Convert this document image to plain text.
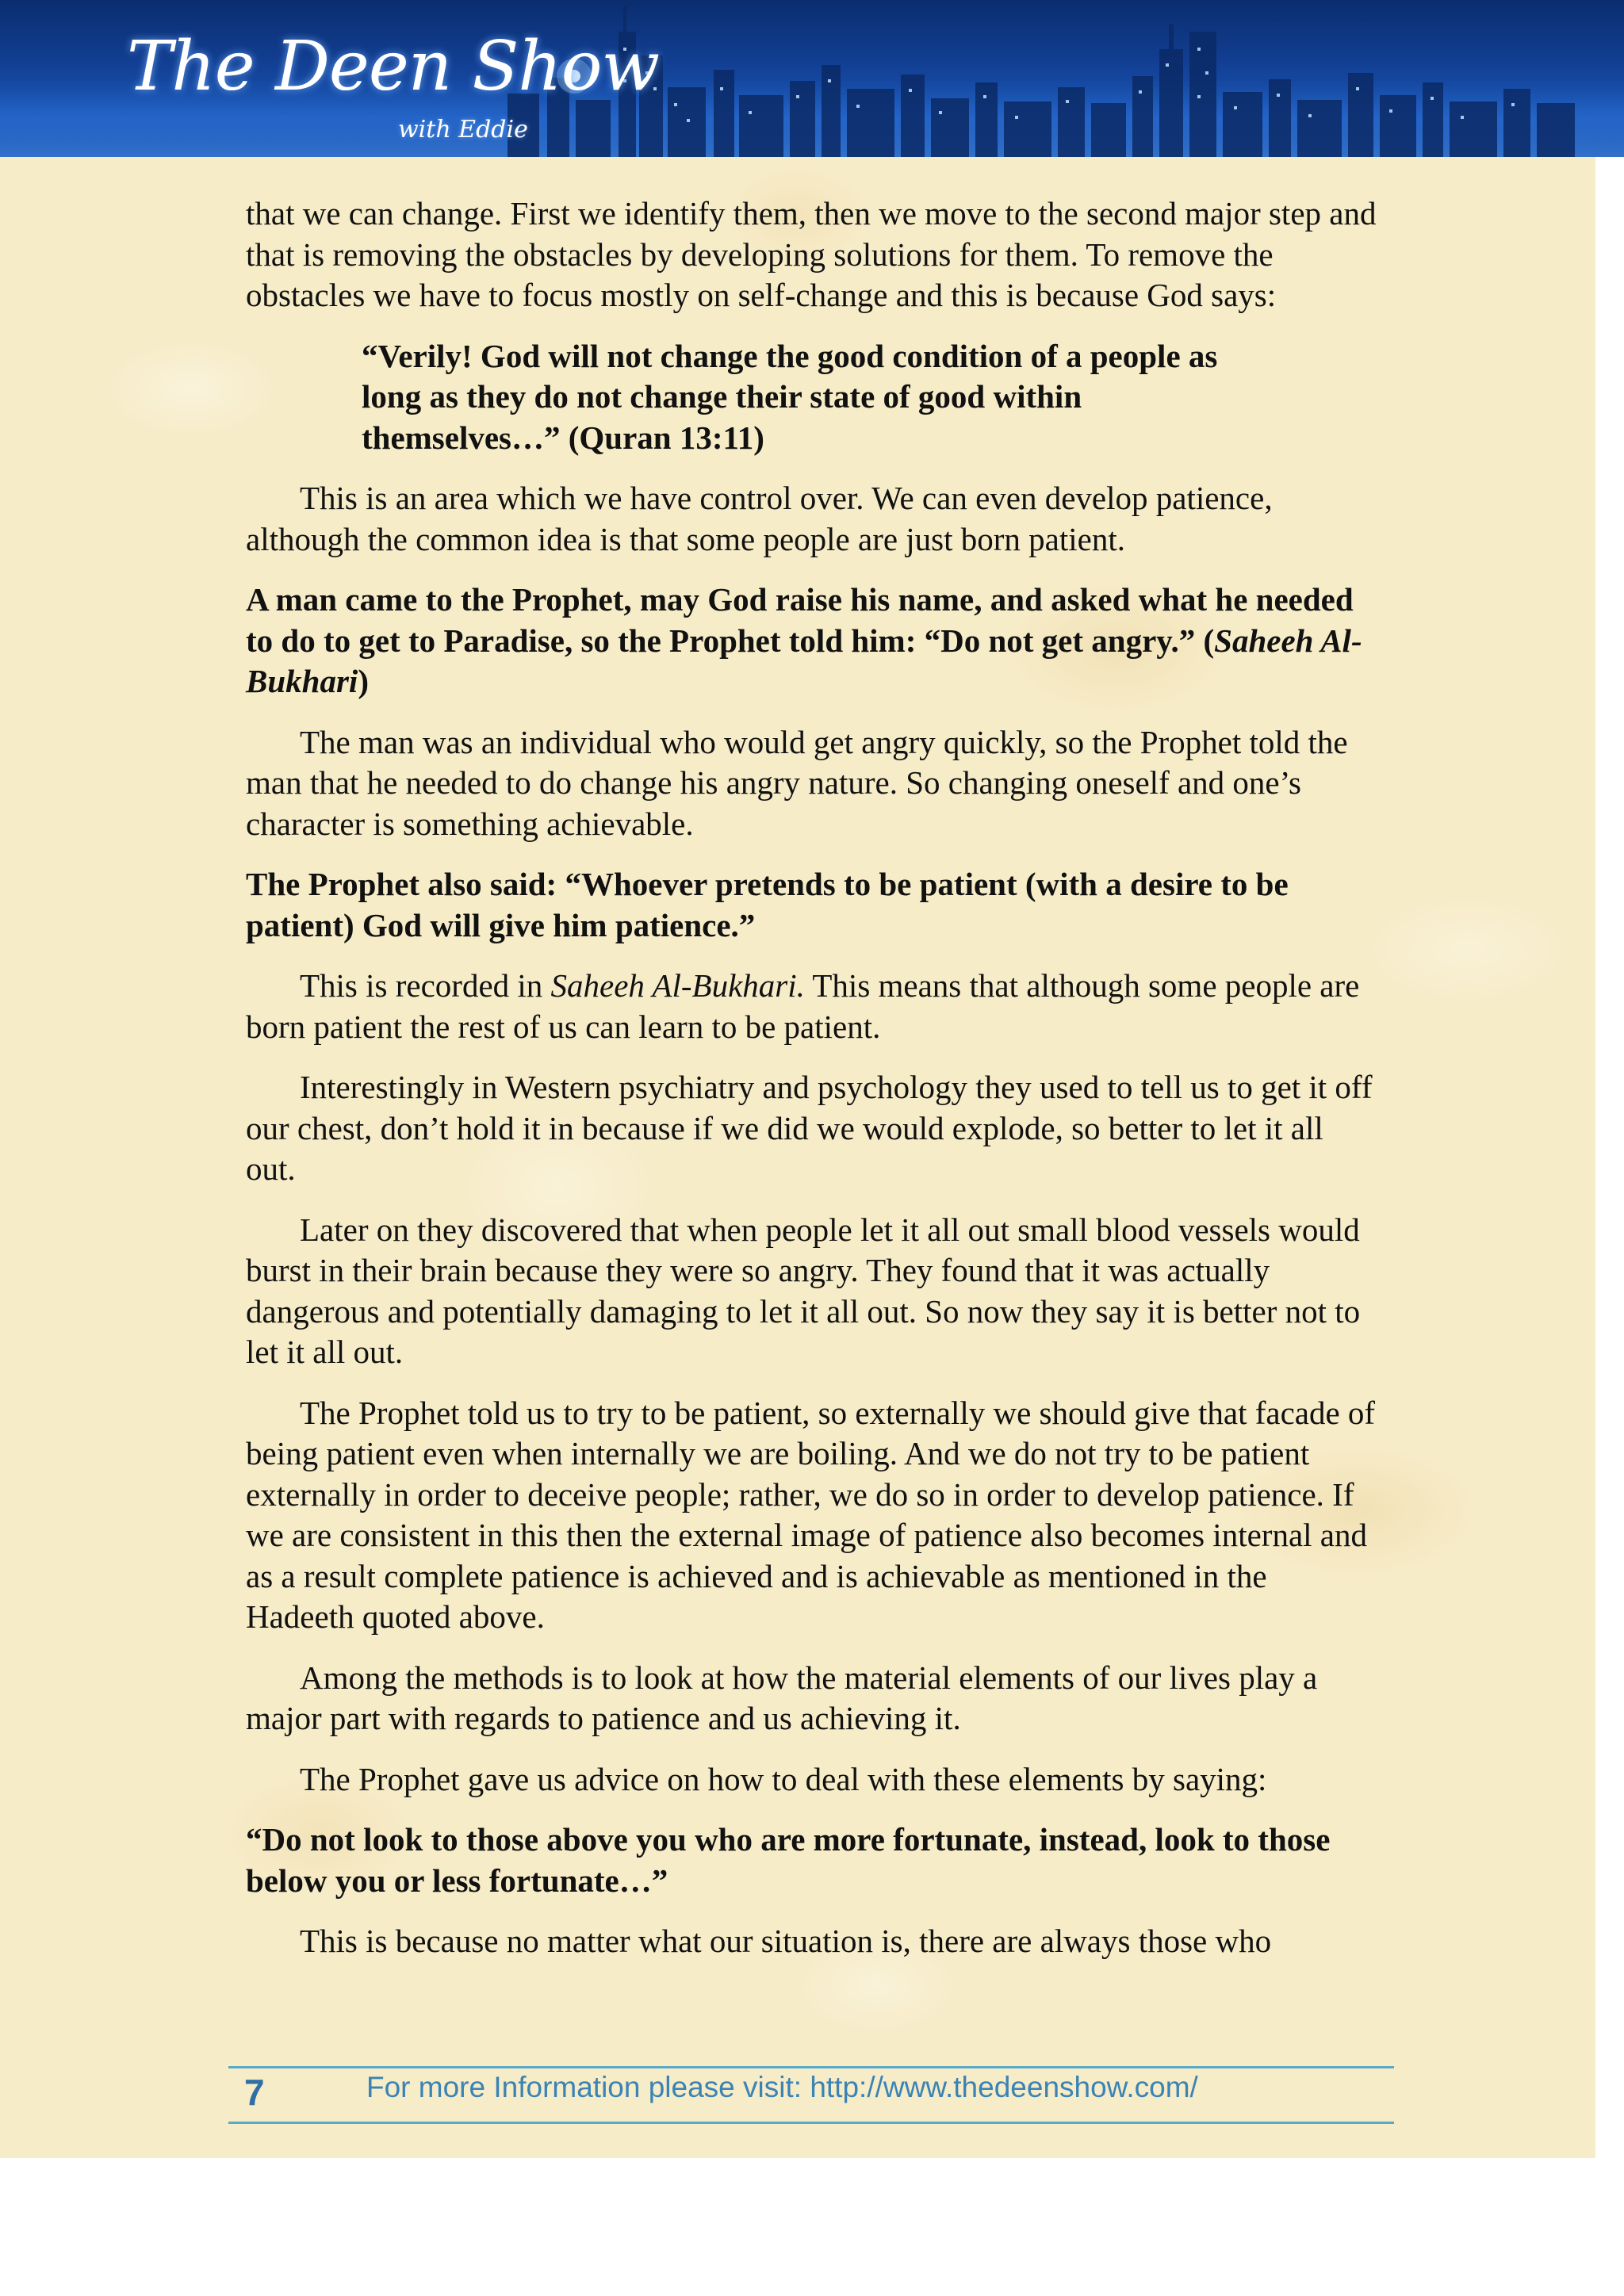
The Deen Show
with Eddie

that we can change. First we identify them, then we move to the second major step and that is removing the obstacles by developing solutions for them. To remove the obstacles we have to focus mostly on self-change and this is because God says:

“Verily! God will not change the good condition of a people as long as they do not change their state of good within themselves…” (Quran 13:11)

This is an area which we have control over. We can even develop patience, although the common idea is that some people are just born patient.

A man came to the Prophet, may God raise his name, and asked what he needed to do to get to Paradise, so the Prophet told him: “Do not get angry.” (Saheeh Al-Bukhari)

The man was an individual who would get angry quickly, so the Prophet told the man that he needed to do change his angry nature. So changing oneself and one’s character is something achievable.

The Prophet also said: “Whoever pretends to be patient (with a desire to be patient) God will give him patience.”

This is recorded in Saheeh Al-Bukhari. This means that although some people are born patient the rest of us can learn to be patient.

Interestingly in Western psychiatry and psychology they used to tell us to get it off our chest, don’t hold it in because if we did we would explode, so better to let it all out.

Later on they discovered that when people let it all out small blood vessels would burst in their brain because they were so angry. They found that it was actually dangerous and potentially damaging to let it all out. So now they say it is better not to let it all out.

The Prophet told us to try to be patient, so externally we should give that facade of being patient even when internally we are boiling. And we do not try to be patient externally in order to deceive people; rather, we do so in order to develop patience. If we are consistent in this then the external image of patience also becomes internal and as a result complete patience is achieved and is achievable as mentioned in the Hadeeth quoted above.

Among the methods is to look at how the material elements of our lives play a major part with regards to patience and us achieving it.

The Prophet gave us advice on how to deal with these elements by saying:

“Do not look to those above you who are more fortunate, instead, look to those below you or less fortunate…”

This is because no matter what our situation is, there are always those who

7	For more Information please visit: http://www.thedeenshow.com/
